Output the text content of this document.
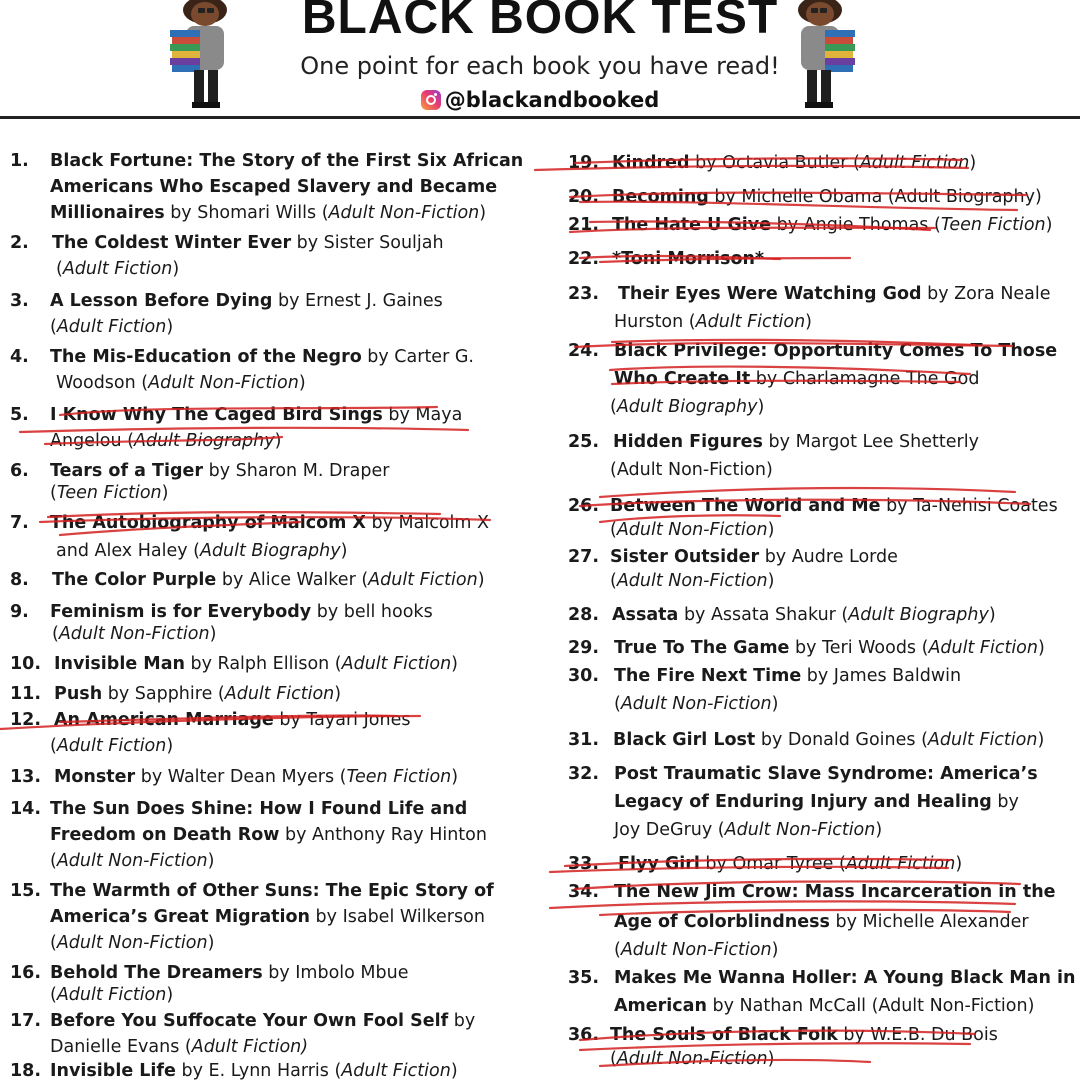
BLACK BOOK TEST
One point for each book you have read!
@blackandbooked
1. Black Fortune: The Story of the First Six African
Americans Who Escaped Slavery and Became
Millionaires by Shomari Wills (Adult Non-Fiction)
2. The Coldest Winter Ever by Sister Souljah
(Adult Fiction)
3. A Lesson Before Dying by Ernest J. Gaines
(Adult Fiction)
4. The Mis-Education of the Negro by Carter G.
Woodson (Adult Non-Fiction)
5. I Know Why The Caged Bird Sings by Maya
Angelou (Adult Biography)
6. Tears of a Tiger by Sharon M. Draper
(Teen Fiction)
7. The Autobiography of Malcom X by Malcolm X
and Alex Haley (Adult Biography)
8. The Color Purple by Alice Walker (Adult Fiction)
9. Feminism is for Everybody by bell hooks
(Adult Non-Fiction)
10. Invisible Man by Ralph Ellison (Adult Fiction)
11. Push by Sapphire (Adult Fiction)
12. An American Marriage by Tayari Jones
(Adult Fiction)
13. Monster by Walter Dean Myers (Teen Fiction)
14. The Sun Does Shine: How I Found Life and
Freedom on Death Row by Anthony Ray Hinton
(Adult Non-Fiction)
15. The Warmth of Other Suns: The Epic Story of
America’s Great Migration by Isabel Wilkerson
(Adult Non-Fiction)
16. Behold The Dreamers by Imbolo Mbue
(Adult Fiction)
17. Before You Suffocate Your Own Fool Self by
Danielle Evans (Adult Fiction)
18. Invisible Life by E. Lynn Harris (Adult Fiction)
19. Kindred by Octavia Butler (Adult Fiction)
20. Becoming by Michelle Obama (Adult Biography)
21. The Hate U Give by Angie Thomas (Teen Fiction)
22. *Toni Morrison*
23. Their Eyes Were Watching God by Zora Neale
Hurston (Adult Fiction)
24. Black Privilege: Opportunity Comes To Those
Who Create It by Charlamagne The God
(Adult Biography)
25. Hidden Figures by Margot Lee Shetterly
(Adult Non-Fiction)
26. Between The World and Me by Ta-Nehisi Coates
(Adult Non-Fiction)
27. Sister Outsider by Audre Lorde
(Adult Non-Fiction)
28. Assata by Assata Shakur (Adult Biography)
29. True To The Game by Teri Woods (Adult Fiction)
30. The Fire Next Time by James Baldwin
(Adult Non-Fiction)
31. Black Girl Lost by Donald Goines (Adult Fiction)
32. Post Traumatic Slave Syndrome: America’s
Legacy of Enduring Injury and Healing by
Joy DeGruy (Adult Non-Fiction)
33. Flyy Girl by Omar Tyree (Adult Fiction)
34. The New Jim Crow: Mass Incarceration in the
Age of Colorblindness by Michelle Alexander
(Adult Non-Fiction)
35. Makes Me Wanna Holler: A Young Black Man in
American by Nathan McCall (Adult Non-Fiction)
36. The Souls of Black Folk by W.E.B. Du Bois
(Adult Non-Fiction)
